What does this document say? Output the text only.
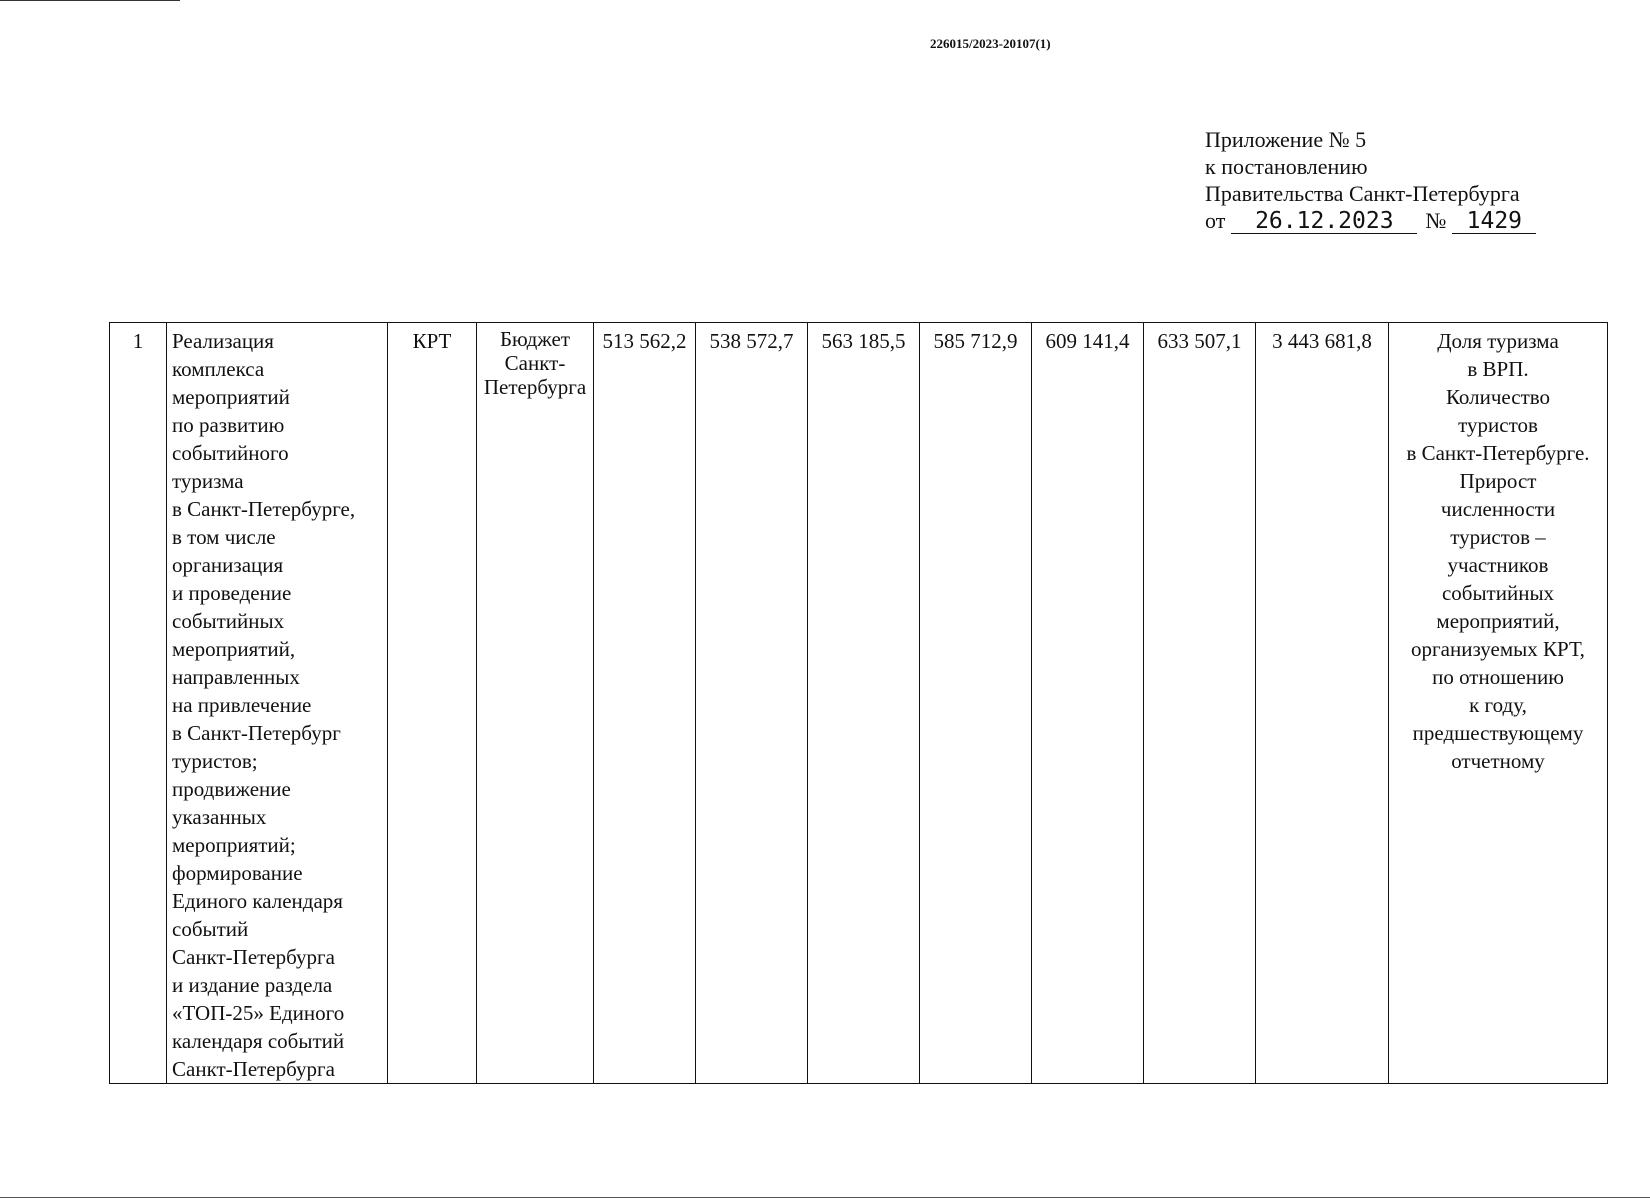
226015/2023-20107(1)
Приложение № 5
к постановлению
Правительства Санкт-Петербурга
от	26.12.2023	№ 1429
1	Реализация
комплекса
мероприятий
по развитию
событийного
туризма
в Санкт-Петербурге,
в том числе
организация
и проведение
событийных
мероприятий,
направленных
на привлечение
в Санкт-Петербург
туристов;
продвижение
указанных
мероприятий;
формирование
Единого календаря
событий
Санкт-Петербурга
и издание раздела
«ТОП-25» Единого
календаря событий
Санкт-Петербурга	КРТ	Бюджет
Санкт-
Петербурга	513 562,2	538 572,7	563 185,5	585 712,9	609 141,4	633 507,1	3 443 681,8	Доля туризма
в ВРП.
Количество
туристов
в Санкт-Петербурге.
Прирост
численности
туристов –
участников
событийных
мероприятий,
организуемых КРТ,
по отношению
к году,
предшествующему
отчетному
